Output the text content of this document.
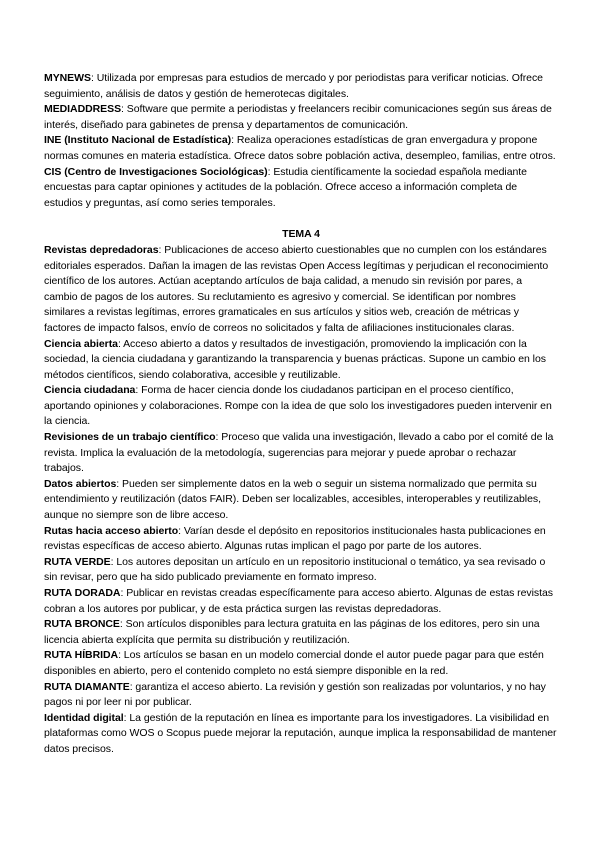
MYNEWS: Utilizada por empresas para estudios de mercado y por periodistas para verificar noticias. Ofrece seguimiento, análisis de datos y gestión de hemerotecas digitales.

MEDIADDRESS: Software que permite a periodistas y freelancers recibir comunicaciones según sus áreas de interés, diseñado para gabinetes de prensa y departamentos de comunicación.

INE (Instituto Nacional de Estadística): Realiza operaciones estadísticas de gran envergadura y propone normas comunes en materia estadística. Ofrece datos sobre población activa, desempleo, familias, entre otros.

CIS (Centro de Investigaciones Sociológicas): Estudia científicamente la sociedad española mediante encuestas para captar opiniones y actitudes de la población. Ofrece acceso a información completa de estudios y preguntas, así como series temporales.

TEMA 4

Revistas depredadoras: Publicaciones de acceso abierto cuestionables que no cumplen con los estándares editoriales esperados. Dañan la imagen de las revistas Open Access legítimas y perjudican el reconocimiento científico de los autores. Actúan aceptando artículos de baja calidad, a menudo sin revisión por pares, a cambio de pagos de los autores. Su reclutamiento es agresivo y comercial. Se identifican por nombres similares a revistas legítimas, errores gramaticales en sus artículos y sitios web, creación de métricas y factores de impacto falsos, envío de correos no solicitados y falta de afiliaciones institucionales claras.

Ciencia abierta: Acceso abierto a datos y resultados de investigación, promoviendo la implicación con la sociedad, la ciencia ciudadana y garantizando la transparencia y buenas prácticas. Supone un cambio en los métodos científicos, siendo colaborativa, accesible y reutilizable.

Ciencia ciudadana: Forma de hacer ciencia donde los ciudadanos participan en el proceso científico, aportando opiniones y colaboraciones. Rompe con la idea de que solo los investigadores pueden intervenir en la ciencia.

Revisiones de un trabajo científico: Proceso que valida una investigación, llevado a cabo por el comité de la revista. Implica la evaluación de la metodología, sugerencias para mejorar y puede aprobar o rechazar trabajos.

Datos abiertos: Pueden ser simplemente datos en la web o seguir un sistema normalizado que permita su entendimiento y reutilización (datos FAIR). Deben ser localizables, accesibles, interoperables y reutilizables, aunque no siempre son de libre acceso.

Rutas hacia acceso abierto: Varían desde el depósito en repositorios institucionales hasta publicaciones en revistas específicas de acceso abierto. Algunas rutas implican el pago por parte de los autores.

RUTA VERDE: Los autores depositan un artículo en un repositorio institucional o temático, ya sea revisado o sin revisar, pero que ha sido publicado previamente en formato impreso.

RUTA DORADA: Publicar en revistas creadas específicamente para acceso abierto. Algunas de estas revistas cobran a los autores por publicar, y de esta práctica surgen las revistas depredadoras.

RUTA BRONCE: Son artículos disponibles para lectura gratuita en las páginas de los editores, pero sin una licencia abierta explícita que permita su distribución y reutilización.

RUTA HÍBRIDA: Los artículos se basan en un modelo comercial donde el autor puede pagar para que estén disponibles en abierto, pero el contenido completo no está siempre disponible en la red.

RUTA DIAMANTE: garantiza el acceso abierto. La revisión y gestión son realizadas por voluntarios, y no hay pagos ni por leer ni por publicar.

Identidad digital: La gestión de la reputación en línea es importante para los investigadores. La visibilidad en plataformas como WOS o Scopus puede mejorar la reputación, aunque implica la responsabilidad de mantener datos precisos.
